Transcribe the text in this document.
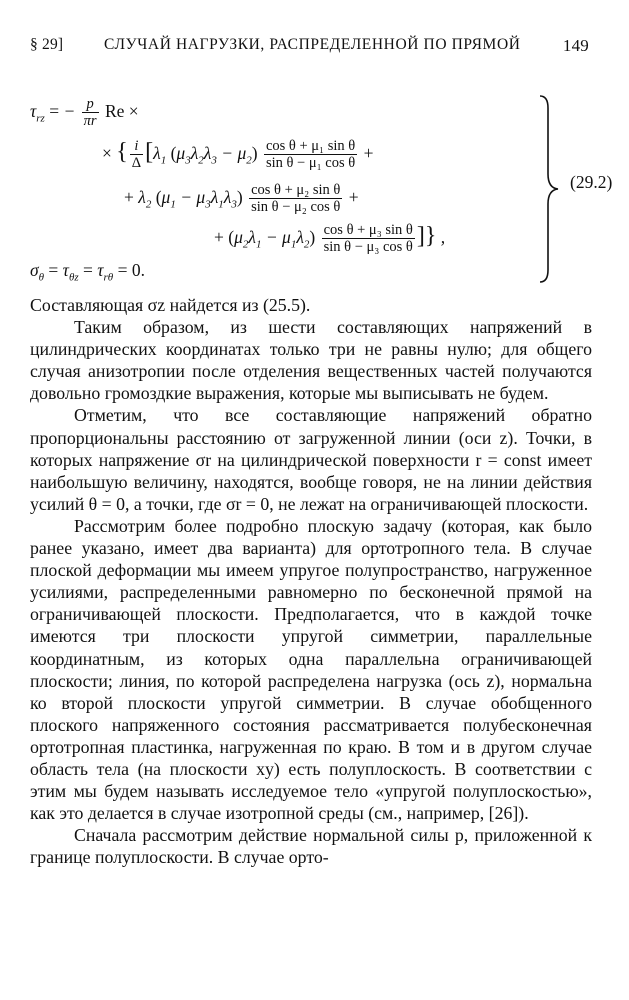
§ 29]	СЛУЧАЙ НАГРУЗКИ, РАСПРЕДЕЛЕННОЙ ПО ПРЯМОЙ 149
$\tau_{rz}$ = − $\frac{p}{\pi r}$ Re ×
× { $\frac{i}{\Delta} [\lambda_1$ $(\mu_3\lambda_2\lambda_3 - \mu_2) \frac{\text{cos θ + μ₁ sin θ}}{\text{sin θ − μ₁ cos θ}}$ +
+ $\lambda_2$ $(\mu_1 - \mu_3\lambda_1\lambda_3) \frac{\text{cos θ + μ₂ sin θ}}{\text{sin θ − μ₂ cos θ}}$ +
+ $(\mu_2\lambda_1 - \mu_1\lambda_2) \frac{\text{cos θ + μ₃ sin θ}}{\text{sin θ − μ₃ cos θ}}$ ]} ,
$\sigma_\theta = \tau_{\theta z} = \tau_{r\theta} = 0$.
(29.2)

Составляющая σz найдется из (25.5).

Таким образом, из шести составляющих напряжений в цилиндрических координатах только три не равны нулю; для общего случая анизотропии после отделения вещественных частей получаются довольно громоздкие выражения, которые мы выписывать не будем.

Отметим, что все составляющие напряжений обратно пропорциональны расстоянию от загруженной линии (оси z). Точки, в которых напряжение σr на цилиндрической поверхности r = const имеет наибольшую величину, находятся, вообще говоря, не на линии действия усилий θ = 0, а точки, где σr = 0, не лежат на ограничивающей плоскости.

Рассмотрим более подробно плоскую задачу (которая, как было ранее указано, имеет два варианта) для ортотропного тела. В случае плоской деформации мы имеем упругое полупространство, нагруженное усилиями, распределенными равномерно по бесконечной прямой на ограничивающей плоскости. Предполагается, что в каждой точке имеются три плоскости упругой симметрии, параллельные координатным, из которых одна параллельна ограничивающей плоскости; линия, по которой распределена нагрузка (ось z), нормальна ко второй плоскости упругой симметрии. В случае обобщенного плоского напряженного состояния рассматривается полубесконечная ортотропная пластинка, нагруженная по краю. В том и в другом случае область тела (на плоскости xy) есть полуплоскость. В соответствии с этим мы будем называть исследуемое тело «упругой полуплоскостью», как это делается в случае изотропной среды (см., например, [26]).

Сначала рассмотрим действие нормальной силы p, приложенной к границе полуплоскости. В случае орто-
